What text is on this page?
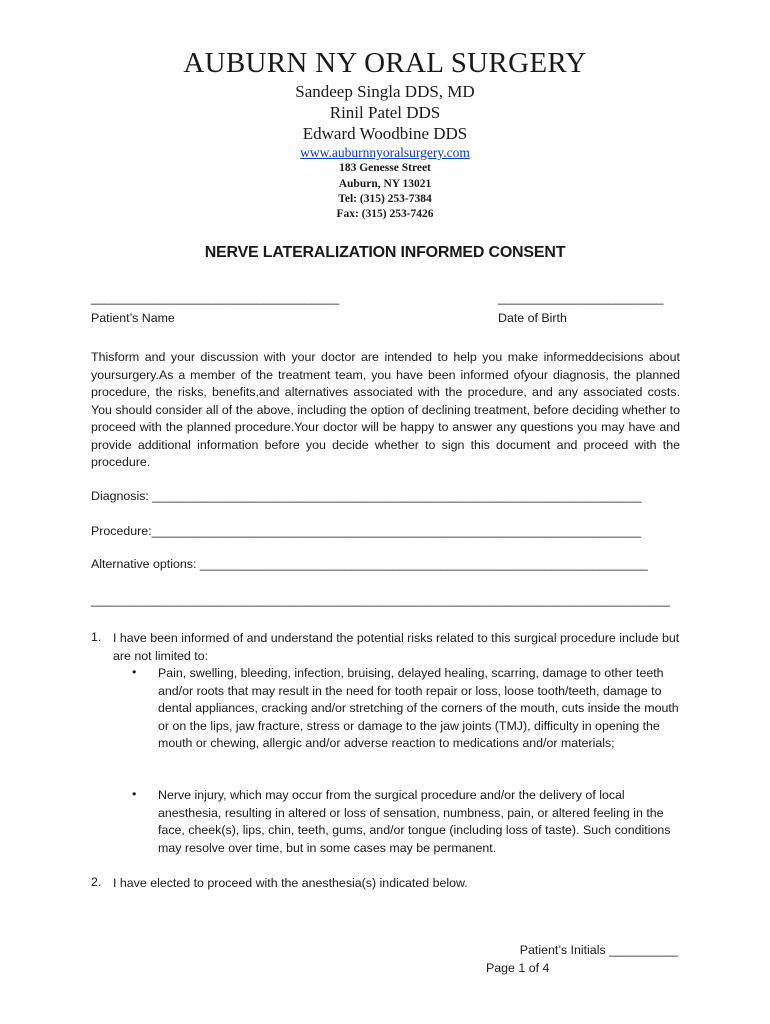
AUBURN NY ORAL SURGERY
Sandeep Singla DDS, MD
Rinil Patel DDS
Edward Woodbine DDS
www.auburnnyoralsurgery.com
183 Genesse Street
Auburn, NY 13021
Tel: (315) 253-7384
Fax: (315) 253-7426
NERVE LATERALIZATION INFORMED CONSENT
____________________________________
Patient’s Name
________________________
Date of Birth
Thisform and your discussion with your doctor are intended to help you make informeddecisions about yoursurgery.As a member of the treatment team, you have been informed ofyour diagnosis, the planned procedure, the risks, benefits,and alternatives associated with the procedure, and any associated costs. You should consider all of the above, including the option of declining treatment, before deciding whether to proceed with the planned procedure.Your doctor will be happy to answer any questions you may have and provide additional information before you decide whether to sign this document and proceed with the procedure.
Diagnosis: _______________________________________________________________________
Procedure:_______________________________________________________________________
Alternative options: _________________________________________________________________
____________________________________________________________________________________
1. I have been informed of and understand the potential risks related to this surgical procedure include but are not limited to:
• Pain, swelling, bleeding, infection, bruising, delayed healing, scarring, damage to other teeth and/or roots that may result in the need for tooth repair or loss, loose tooth/teeth, damage to dental appliances, cracking and/or stretching of the corners of the mouth, cuts inside the mouth or on the lips, jaw fracture, stress or damage to the jaw joints (TMJ), difficulty in opening the mouth or chewing, allergic and/or adverse reaction to medications and/or materials;
• Nerve injury, which may occur from the surgical procedure and/or the delivery of local anesthesia, resulting in altered or loss of sensation, numbness, pain, or altered feeling in the face, cheek(s), lips, chin, teeth, gums, and/or tongue (including loss of taste). Such conditions may resolve over time, but in some cases may be permanent.
2. I have elected to proceed with the anesthesia(s) indicated below.
Patient’s Initials __________
Page 1 of 4
